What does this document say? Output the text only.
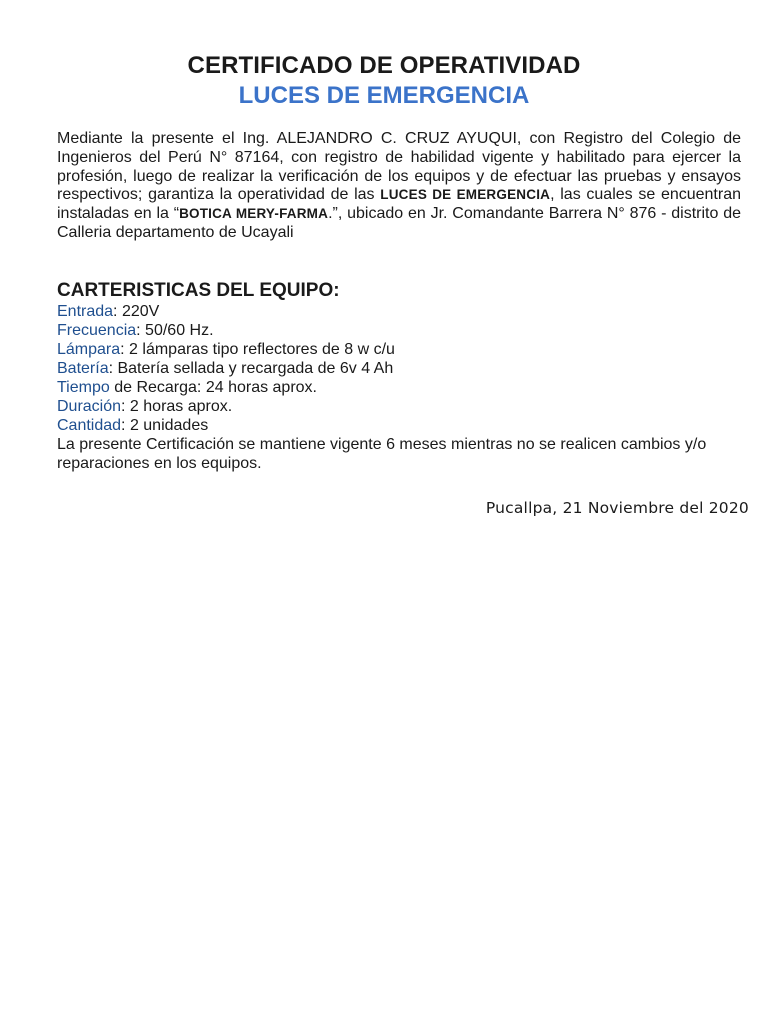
CERTIFICADO DE OPERATIVIDAD
LUCES DE EMERGENCIA
Mediante la presente el Ing. ALEJANDRO C. CRUZ AYUQUI, con Registro del Colegio de Ingenieros del Perú N° 87164, con registro de habilidad vigente y habilitado para ejercer la profesión, luego de realizar la verificación de los equipos y de efectuar las pruebas y ensayos respectivos; garantiza la operatividad de las LUCES DE EMERGENCIA, las cuales se encuentran instaladas en la “BOTICA MERY-FARMA.”, ubicado en Jr. Comandante Barrera N° 876 - distrito de Calleria departamento de Ucayali
CARTERISTICAS DEL EQUIPO:
Entrada: 220V
Frecuencia: 50/60 Hz.
Lámpara: 2 lámparas tipo reflectores de 8 w c/u
Batería: Batería sellada y recargada de 6v 4 Ah
Tiempo de Recarga: 24 horas aprox.
Duración: 2 horas aprox.
Cantidad: 2 unidades
La presente Certificación se mantiene vigente 6 meses mientras no se realicen cambios y/o reparaciones en los equipos.
Pucallpa, 21 Noviembre del 2020
